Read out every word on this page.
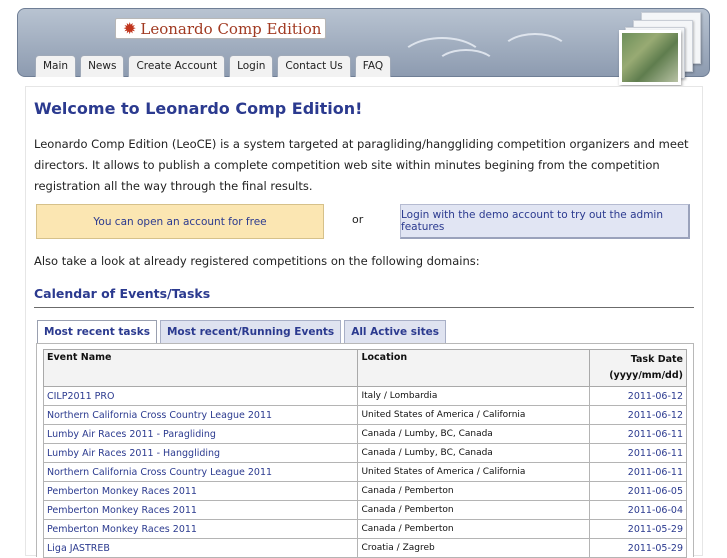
✹ Leonardo Comp Edition
Main	News	Create Account	Login	Contact Us	FAQ
Welcome to Leonardo Comp Edition!

Leonardo Comp Edition (LeoCE) is a system targeted at paragliding/hanggliding competition organizers and meet directors. It allows to publish a complete competition web site within minutes begining from the competition registration all the way through the final results.

You can open an account for free	or	Login with the demo account to try out the admin features
Also take a look at already registered competitions on the following domains:
Calendar of Events/Tasks
Most recent tasks	Most recent/Running Events	All Active sites
Event Name	Location	Task Date
(yyyy/mm/dd)

CILP2011 PRO	Italy / Lombardia	2011-06-12
Northern California Cross Country League 2011	United States of America / California	2011-06-12
Lumby Air Races 2011 - Paragliding	Canada / Lumby, BC, Canada	2011-06-11
Lumby Air Races 2011 - Hanggliding	Canada / Lumby, BC, Canada	2011-06-11
Northern California Cross Country League 2011	United States of America / California	2011-06-11
Pemberton Monkey Races 2011	Canada / Pemberton	2011-06-05
Pemberton Monkey Races 2011	Canada / Pemberton	2011-06-04
Pemberton Monkey Races 2011	Canada / Pemberton	2011-05-29
Liga JASTREB	Croatia / Zagreb	2011-05-29
